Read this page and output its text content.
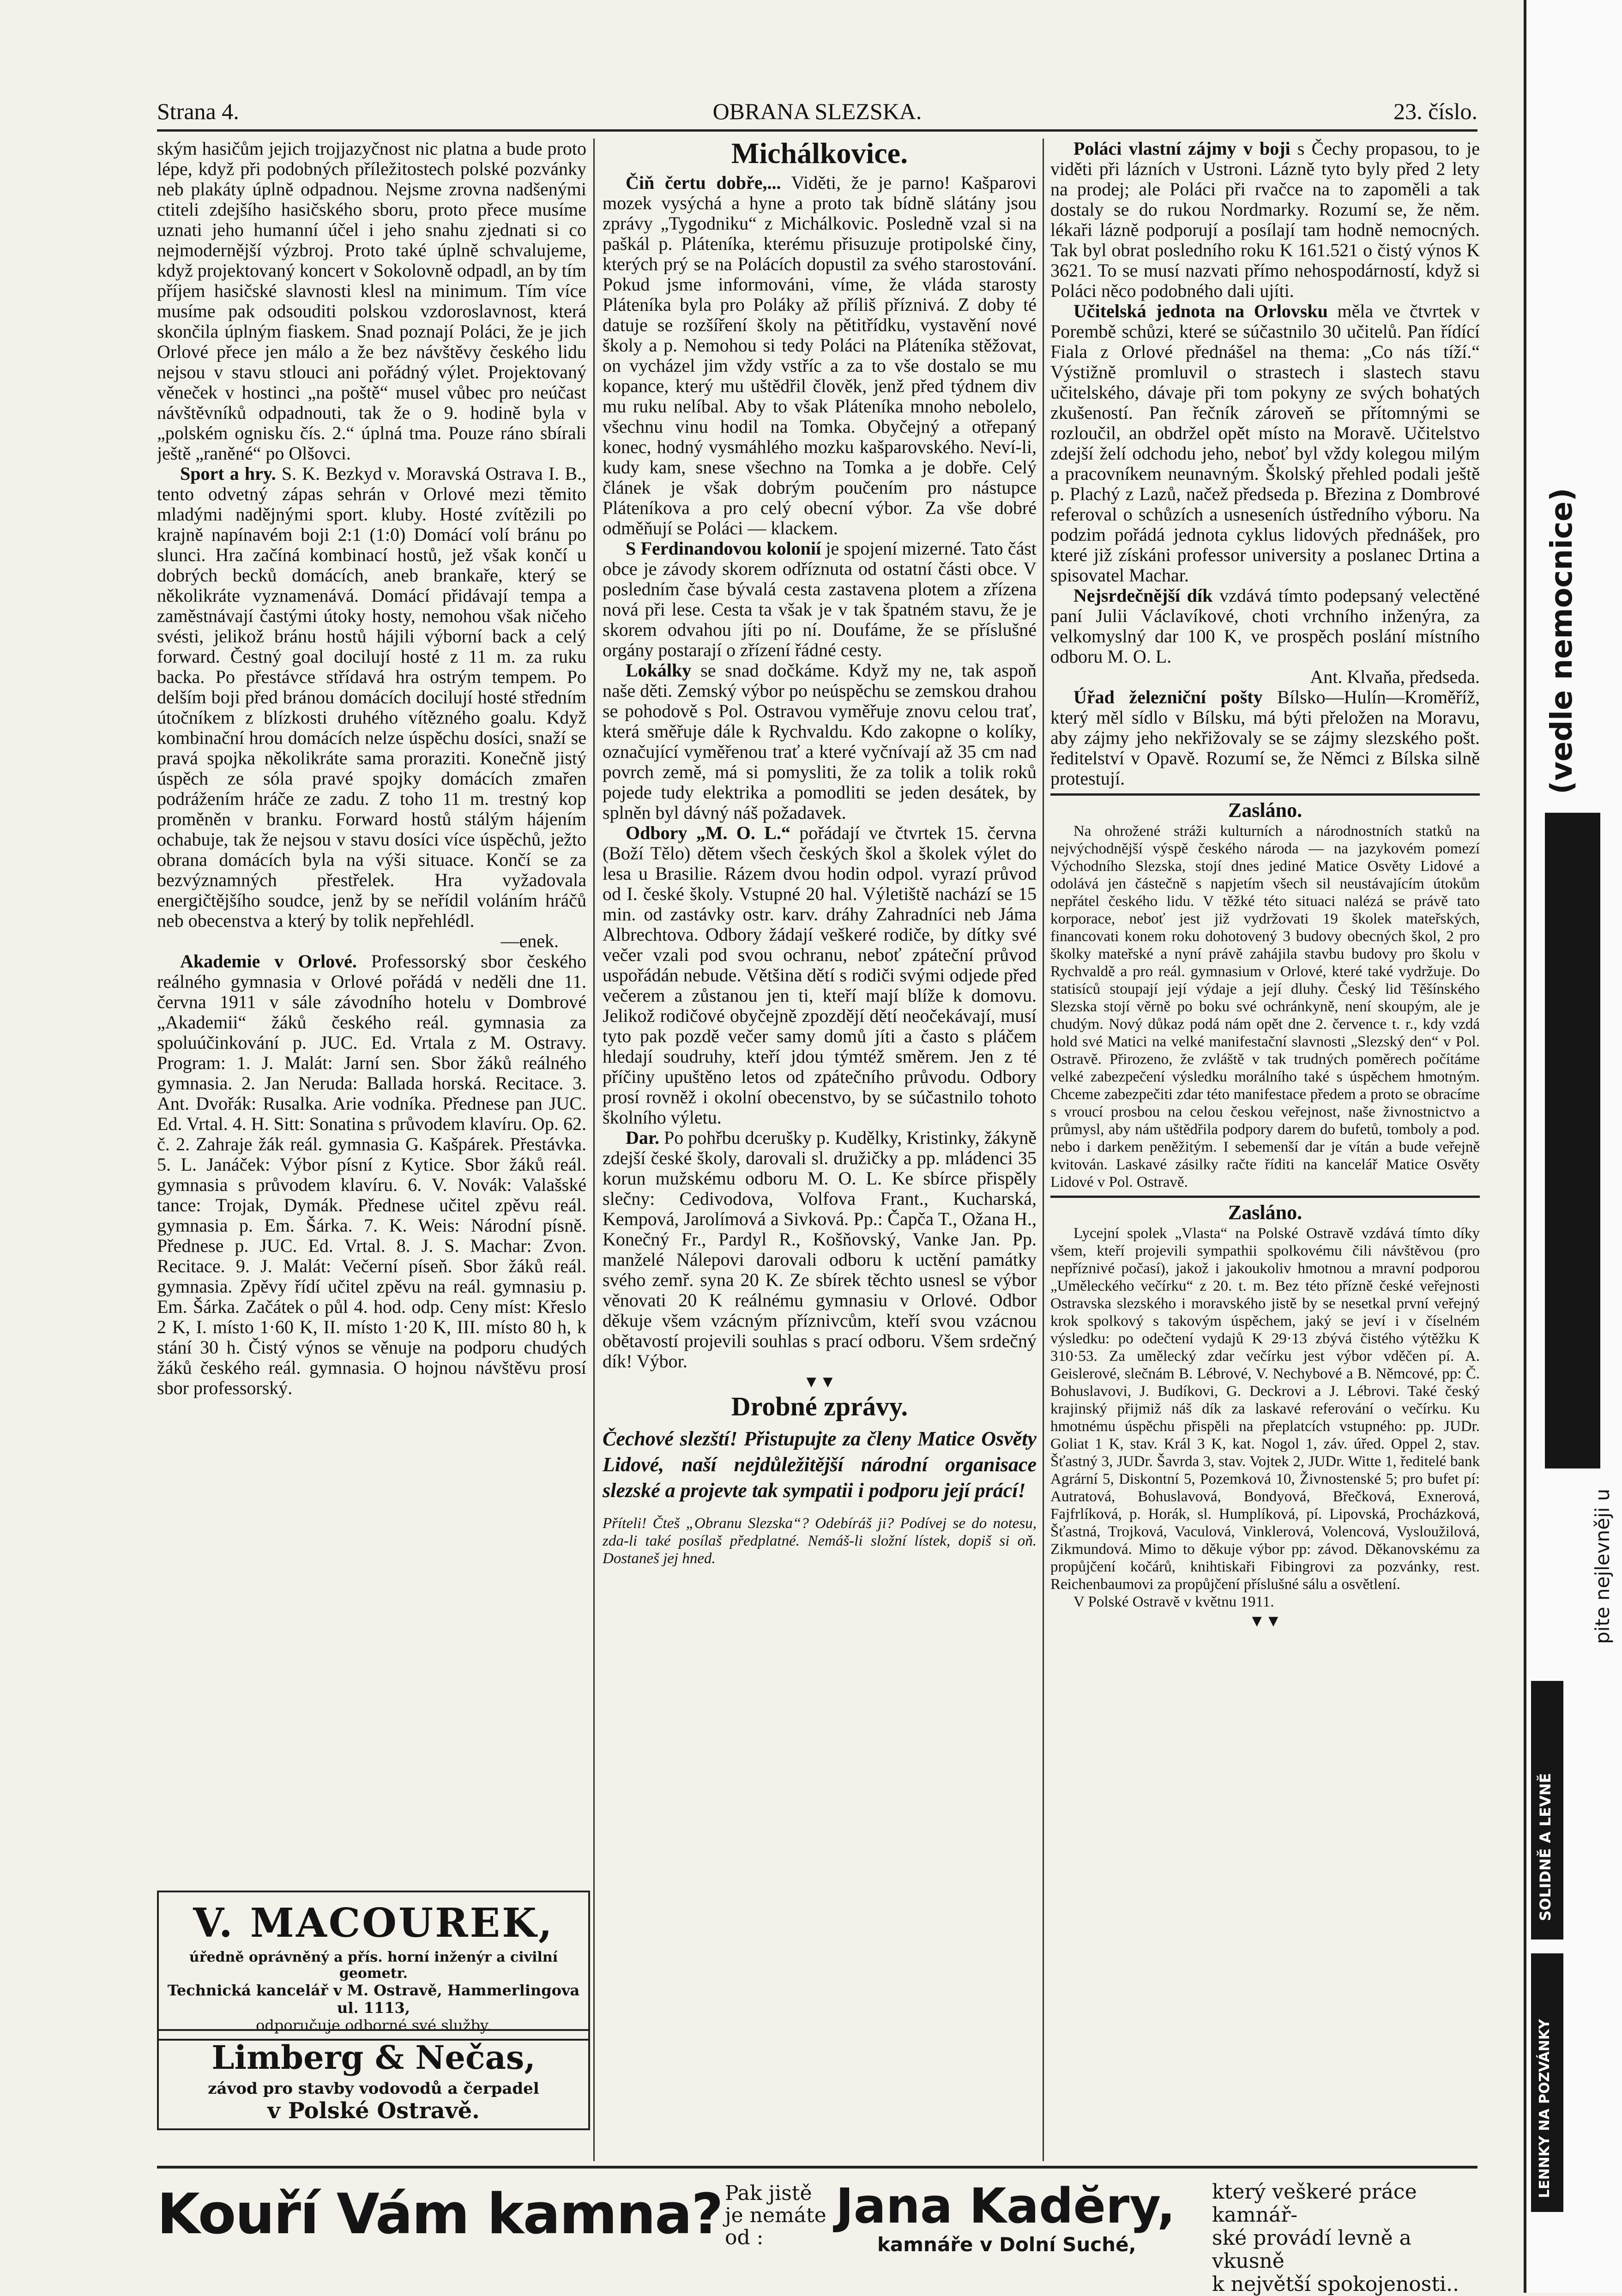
Strana 4.	OBRANA SLEZSKA.	23. číslo.

ským hasičům jejich trojjazyčnost nic platna a bude proto lépe, když při podobných příležitostech polské pozvánky neb plakáty úplně odpadnou. Nejsme zrovna nadšenými ctiteli zdejšího hasičského sboru, proto přece musíme uznati jeho humanní účel i jeho snahu zjednati si co nejmodernější výzbroj. Proto také úplně schvalujeme, když projektovaný koncert v Sokolovně odpadl, an by tím příjem hasičské slavnosti klesl na minimum. Tím více musíme pak odsouditi polskou vzdoroslavnost, která skončila úplným fiaskem. Snad poznají Poláci, že je jich Orlové přece jen málo a že bez návštěvy českého lidu nejsou v stavu stlouci ani pořádný výlet. Projektovaný věneček v hostinci „na poště“ musel vůbec pro neúčast návštěvníků odpadnouti, tak že o 9. hodině byla v „polském ognisku čís. 2.“ úplná tma. Pouze ráno sbírali ještě „raněné“ po Olšovci.

Sport a hry. S. K. Bezkyd v. Moravská Ostrava I. B., tento odvetný zápas sehrán v Orlové mezi těmito mladými nadějnými sport. kluby. Hosté zvítězili po krajně napínavém boji 2:1 (1:0) Domácí volí bránu po slunci. Hra začíná kombinací hostů, jež však končí u dobrých becků domácích, aneb brankaře, který se několikráte vyznamenává. Domácí přidávají tempa a zaměstnávají častými útoky hosty, nemohou však ničeho svésti, jelikož bránu hostů hájili výborní back a celý forward. Čestný goal docilují hosté z 11 m. za ruku backa. Po přestávce střídavá hra ostrým tempem. Po delším boji před bránou domácích docilují hosté středním útočníkem z blízkosti druhého vítězného goalu. Když kombinační hrou domácích nelze úspěchu dosíci, snaží se pravá spojka několikráte sama proraziti. Konečně jistý úspěch ze sóla pravé spojky domácích zmařen podrážením hráče ze zadu. Z toho 11 m. trestný kop proměněn v branku. Forward hostů stálým hájením ochabuje, tak že nejsou v stavu dosíci více úspěchů, ježto obrana domácích byla na výši situace. Končí se za bezvýznamných přestřelek. Hra vyžadovala energičtějšího soudce, jenž by se neřídil voláním hráčů neb obecenstva a který by tolik nepřehlédl.

—enek.

Akademie v Orlové. Professorský sbor českého reálného gymnasia v Orlové pořádá v neděli dne 11. června 1911 v sále závodního hotelu v Dombrové „Akademii“ žáků českého reál. gymnasia za spoluúčinkování p. JUC. Ed. Vrtala z M. Ostravy. Program: 1. J. Malát: Jarní sen. Sbor žáků reálného gymnasia. 2. Jan Neruda: Ballada horská. Recitace. 3. Ant. Dvořák: Rusalka. Arie vodníka. Přednese pan JUC. Ed. Vrtal. 4. H. Sitt: Sonatina s průvodem klavíru. Op. 62. č. 2. Zahraje žák reál. gymnasia G. Kašpárek. Přestávka. 5. L. Janáček: Výbor písní z Kytice. Sbor žáků reál. gymnasia s průvodem klavíru. 6. V. Novák: Valašské tance: Trojak, Dymák. Přednese učitel zpěvu reál. gymnasia p. Em. Šárka. 7. K. Weis: Národní písně. Přednese p. JUC. Ed. Vrtal. 8. J. S. Machar: Zvon. Recitace. 9. J. Malát: Večerní píseň. Sbor žáků reál. gymnasia. Zpěvy řídí učitel zpěvu na reál. gymnasiu p. Em. Šárka. Začátek o půl 4. hod. odp. Ceny míst: Křeslo 2 K, I. místo 1·60 K, II. místo 1·20 K, III. místo 80 h, k stání 30 h. Čistý výnos se věnuje na podporu chudých žáků českého reál. gymnasia. O hojnou návštěvu prosí sbor professorský.

V. MACOUREK,
úředně oprávněný a přís. horní inženýr a civilní geometr.
Technická kancelář v M. Ostravě, Hammerlingova ul. 1113,
odporučuje odborné své služby.
Limberg & Nečas,
závod pro stavby vodovodů a čerpadel
v Polské Ostravě.
Michálkovice.

Čiň čertu dobře,... Viděti, že je parno! Kašparovi mozek vysýchá a hyne a proto tak bídně slátány jsou zprávy „Tygodniku“ z Michálkovic. Posledně vzal si na paškál p. Pláteníka, kterému přisuzuje protipolské činy, kterých prý se na Polácích dopustil za svého starostování. Pokud jsme informováni, víme, že vláda starosty Pláteníka byla pro Poláky až příliš příznivá. Z doby té datuje se rozšíření školy na pětitřídku, vystavění nové školy a p. Nemohou si tedy Poláci na Pláteníka stěžovat, on vycházel jim vždy vstříc a za to vše dostalo se mu kopance, který mu uštědřil člověk, jenž před týdnem div mu ruku nelíbal. Aby to však Pláteníka mnoho nebolelo, všechnu vinu hodil na Tomka. Obyčejný a otřepaný konec, hodný vysmáhlého mozku kašparovského. Neví-li, kudy kam, snese všechno na Tomka a je dobře. Celý článek je však dobrým poučením pro nástupce Pláteníkova a pro celý obecní výbor. Za vše dobré odměňují se Poláci — klackem.

S Ferdinandovou kolonií je spojení mizerné. Tato část obce je závody skorem odříznuta od ostatní části obce. V posledním čase bývalá cesta zastavena plotem a zřízena nová při lese. Cesta ta však je v tak špatném stavu, že je skorem odvahou jíti po ní. Doufáme, že se příslušné orgány postarají o zřízení řádné cesty.

Lokálky se snad dočkáme. Když my ne, tak aspoň naše děti. Zemský výbor po neúspěchu se zemskou drahou se pohodově s Pol. Ostravou vyměřuje znovu celou trať, která směřuje dále k Rychvaldu. Kdo zakopne o kolíky, označující vyměřenou trať a které vyčnívají až 35 cm nad povrch země, má si pomysliti, že za tolik a tolik roků pojede tudy elektrika a pomodliti se jeden desátek, by splněn byl dávný náš požadavek.

Odbory „M. O. L.“ pořádají ve čtvrtek 15. června (Boží Tělo) dětem všech českých škol a školek výlet do lesa u Brasilie. Rázem dvou hodin odpol. vyrazí průvod od I. české školy. Vstupné 20 hal. Výletiště nachází se 15 min. od zastávky ostr. karv. dráhy Zahradníci neb Jáma Albrechtova. Odbory žádají veškeré rodiče, by dítky své večer vzali pod svou ochranu, neboť zpáteční průvod uspořádán nebude. Většina dětí s rodiči svými odjede před večerem a zůstanou jen ti, kteří mají blíže k domovu. Jelikož rodičové obyčejně zpozdějí dětí neočekávají, musí tyto pak pozdě večer samy domů jíti a často s pláčem hledají soudruhy, kteří jdou týmtéž směrem. Jen z té příčiny upuštěno letos od zpátečního průvodu. Odbory prosí rovněž i okolní obecenstvo, by se súčastnilo tohoto školního výletu.

Dar. Po pohřbu dcerušky p. Kudělky, Kristinky, žákyně zdejší české školy, darovali sl. družičky a pp. mládenci 35 korun mužskému odboru M. O. L. Ke sbírce přispěly slečny: Cedivodova, Volfova Frant., Kucharská, Kempová, Jarolímová a Sivková. Pp.: Čapča T., Ožana H., Konečný Fr., Pardyl R., Košňovský, Vanke Jan. Pp. manželé Nálepovi darovali odboru k uctění památky svého zemř. syna 20 K. Ze sbírek těchto usnesl se výbor věnovati 20 K reálnému gymnasiu v Orlové. Odbor děkuje všem vzácným příznivcům, kteří svou vzácnou obětavostí projevili souhlas s prací odboru. Všem srdečný dík! Výbor.

▼▼
Drobné zprávy.
Čechové slezští! Přistupujte za členy Matice Osvěty Lidové, naší nejdůležitější národní organisace slezské a projevte tak sympatii i podporu její prácí!
Příteli! Čteš „Obranu Slezska“? Odebíráš ji? Podívej se do notesu, zda-li také posílaš předplatné. Nemáš-li složní lístek, dopiš si oň. Dostaneš jej hned.

Poláci vlastní zájmy v boji s Čechy propasou, to je viděti při lázních v Ustroni. Lázně tyto byly před 2 lety na prodej; ale Poláci při rvačce na to zapoměli a tak dostaly se do rukou Nordmarky. Rozumí se, že něm. lékaři lázně podporují a posílají tam hodně nemocných. Tak byl obrat posledního roku K 161.521 o čistý výnos K 3621. To se musí nazvati přímo nehospodárností, když si Poláci něco podobného dali ujíti.

Učitelská jednota na Orlovsku měla ve čtvrtek v Porembě schůzi, které se súčastnilo 30 učitelů. Pan řídící Fiala z Orlové přednášel na thema: „Co nás tíží.“ Výstižně promluvil o strastech i slastech stavu učitelského, dávaje při tom pokyny ze svých bohatých zkušeností. Pan řečník zároveň se přítomnými se rozloučil, an obdržel opět místo na Moravě. Učitelstvo zdejší želí odchodu jeho, neboť byl vždy kolegou milým a pracovníkem neunavným. Školský přehled podali ještě p. Plachý z Lazů, načež předseda p. Březina z Dombrové referoval o schůzích a usneseních ústředního výboru. Na podzim pořádá jednota cyklus lidových přednášek, pro které již získáni professor university a poslanec Drtina a spisovatel Machar.

Nejsrdečnější dík vzdává tímto podepsaný velectěné paní Julii Václavíkové, choti vrchního inženýra, za velkomyslný dar 100 K, ve prospěch poslání místního odboru M. O. L.

Ant. Klvaňa, předseda.

Úřad železniční pošty Bílsko—Hulín—Kroměříž, který měl sídlo v Bílsku, má býti přeložen na Moravu, aby zájmy jeho nekřižovaly se se zájmy slezského pošt. ředitelství v Opavě. Rozumí se, že Němci z Bílska silně protestují.

Zasláno.

Na ohrožené stráži kulturních a národnostních statků na nejvýchodnější výspě českého národa — na jazykovém pomezí Východního Slezska, stojí dnes jediné Matice Osvěty Lidové a odolává jen částečně s napjetím všech sil neustávajícím útokům nepřátel českého lidu. V těžké této situaci nalézá se právě tato korporace, neboť jest již vydržovati 19 školek mateřských, financovati konem roku dohotovený 3 budovy obecných škol, 2 pro školky mateřské a nyní právě zahájila stavbu budovy pro školu v Rychvaldě a pro reál. gymnasium v Orlové, které také vydržuje. Do statisíců stoupají její výdaje a její dluhy. Český lid Těšínského Slezska stojí věrně po boku své ochránkyně, není skoupým, ale je chudým. Nový důkaz podá nám opět dne 2. července t. r., kdy vzdá hold své Matici na velké manifestační slavnosti „Slezský den“ v Pol. Ostravě. Přirozeno, že zvláště v tak trudných poměrech počítáme velké zabezpečení výsledku morálního také s úspěchem hmotným. Chceme zabezpečiti zdar této manifestace předem a proto se obracíme s vroucí prosbou na celou českou veřejnost, naše živnostnictvo a průmysl, aby nám uštědřila podpory darem do bufetů, tomboly a pod. nebo i darkem peněžitým. I sebemenší dar je vítán a bude veřejně kvitován. Laskavé zásilky račte říditi na kancelář Matice Osvěty Lidové v Pol. Ostravě.

Zasláno.

Lycejní spolek „Vlasta“ na Polské Ostravě vzdává tímto díky všem, kteří projevili sympathii spolkovému čili návštěvou (pro nepříznivé počasí), jakož i jakoukoliv hmotnou a mravní podporou „Uměleckého večírku“ z 20. t. m. Bez této přízně české veřejnosti Ostravska slezského i moravského jistě by se nesetkal první veřejný krok spolkový s takovým úspěchem, jaký se jeví i v číselném výsledku: po odečtení vydajů K 29·13 zbývá čistého výtěžku K 310·53. Za umělecký zdar večírku jest výbor vděčen pí. A. Geislerové, slečnám B. Lébrové, V. Nechybové a B. Němcové, pp: Č. Bohuslavovi, J. Budíkovi, G. Deckrovi a J. Lébrovi. Také český krajinský přijmiž náš dík za laskavé referování o večírku. Ku hmotnému úspěchu přispěli na přeplatcích vstupného: pp. JUDr. Goliat 1 K, stav. Král 3 K, kat. Nogol 1, záv. úřed. Oppel 2, stav. Šťastný 3, JUDr. Šavrda 3, stav. Vojtek 2, JUDr. Witte 1, ředitelé bank Agrární 5, Diskontní 5, Pozemková 10, Živnostenské 5; pro bufet pí: Autratová, Bohuslavová, Bondyová, Břečková, Exnerová, Fajfrlíková, p. Horák, sl. Humplíková, pí. Lipovská, Procházková, Šťastná, Trojková, Vaculová, Vinklerová, Volencová, Vysloužilová, Zikmundová. Mimo to děkuje výbor pp: závod. Děkanovskému za propůjčení kočárů, knihtiskaři Fibingrovi za pozvánky, rest. Reichenbaumovi za propůjčení příslušné sálu a osvětlení.

V Polské Ostravě v květnu 1911.

▼▼
Kouří Vám kamna? Pak jistě
je nemáte
od :
Jana Kadĕry,
kamnáře v Dolní Suché,
který veškeré práce kamnář-
ské provádí levně a vkusně
k největší spokojenosti..
(vedle nemocnice)
pite nejlevněji u
SOLIDNĚ A LEVNĚ
LENNKY NA POZVÁNKY
